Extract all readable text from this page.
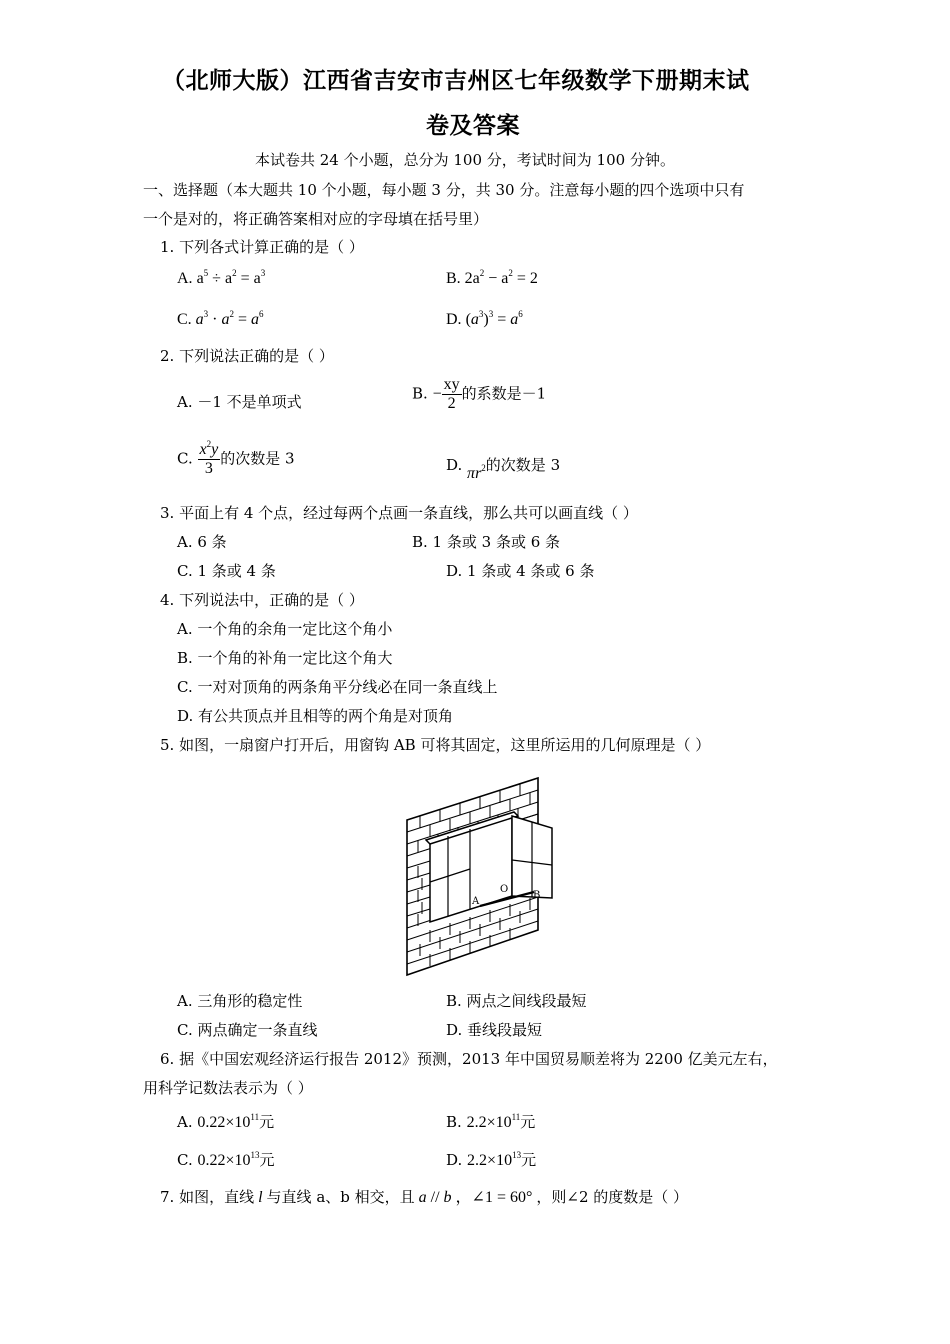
（北师大版）江西省吉安市吉州区七年级数学下册期末试
卷及答案
本试卷共 24 个小题，总分为 100 分，考试时间为 100 分钟。
一、选择题（本大题共 10 个小题，每小题 3 分，共 30 分。注意每小题的四个选项中只有
一个是对的，将正确答案相对应的字母填在括号里）
1. 下列各式计算正确的是（ ）
A. $a^5 \div a^2 = a^3$	B. $2a^2 - a^2 = 2$
C. $a^3 \cdot a^2 = a^6$	D. $(a^3)^3 = a^6$
2. 下列说法正确的是（ ）
A. －1 不是单项式	B. − $\frac{xy}{2}$ 的系数是－1
C. $\frac{x^2y}{3}$ 的次数是 3	D. $\pi r^2$的次数是 3
3. 平面上有 4 个点，经过每两个点画一条直线，那么共可以画直线（ ）
A. 6 条	B. 1 条或 3 条或 6 条
C. 1 条或 4 条	D. 1 条或 4 条或 6 条
4. 下列说法中，正确的是（ ）
A. 一个角的余角一定比这个角小
B. 一个角的补角一定比这个角大
C. 一对对顶角的两条角平分线必在同一条直线上
D. 有公共顶点并且相等的两个角是对顶角
5. 如图，一扇窗户打开后，用窗钩 AB 可将其固定，这里所运用的几何原理是（ ）
A
O
B
A. 三角形的稳定性	B. 两点之间线段最短
C. 两点确定一条直线	D. 垂线段最短
6. 据《中国宏观经济运行报告 2012》预测，2013 年中国贸易顺差将为 2200 亿美元左右，
用科学记数法表示为（ ）
A. $0.22\times 10^{11}$元	B. $2.2\times 10^{11}$元
C. $0.22\times 10^{13}$元	D. $2.2\times 10^{13}$元
7. 如图，直线 l 与直线 a、b 相交，且 a // b ，∠1 = 60° ，则∠2 的度数是（ ）
